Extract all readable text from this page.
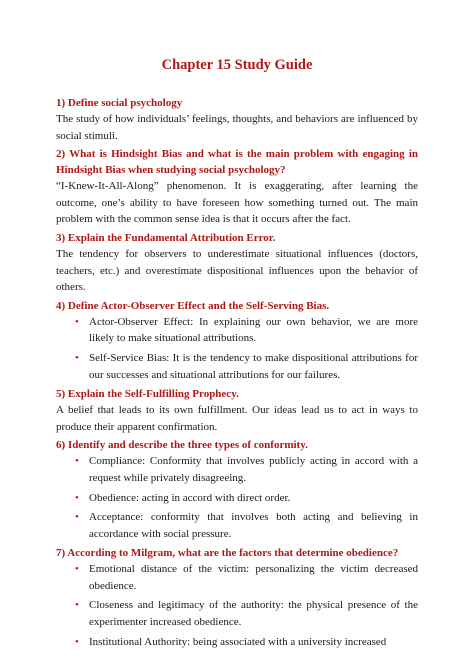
Chapter 15 Study Guide
1) Define social psychology
The study of how individuals’ feelings, thoughts, and behaviors are influenced by social stimuli.
2) What is Hindsight Bias and what is the main problem with engaging in Hindsight Bias when studying social psychology?
“I-Knew-It-All-Along” phenomenon. It is exaggerating, after learning the outcome, one’s ability to have foreseen how something turned out. The main problem with the common sense idea is that it occurs after the fact.
3) Explain the Fundamental Attribution Error.
The tendency for observers to underestimate situational influences (doctors, teachers, etc.) and overestimate dispositional influences upon the behavior of others.
4) Define Actor-Observer Effect and the Self-Serving Bias.
• Actor-Observer Effect: In explaining our own behavior, we are more likely to make situational attributions.
• Self-Service Bias: It is the tendency to make dispositional attributions for our successes and situational attributions for our failures.
5) Explain the Self-Fulfilling Prophecy.
A belief that leads to its own fulfillment. Our ideas lead us to act in ways to produce their apparent confirmation.
6) Identify and describe the three types of conformity.
• Compliance: Conformity that involves publicly acting in accord with a request while privately disagreeing.
• Obedience: acting in accord with direct order.
• Acceptance: conformity that involves both acting and believing in accordance with social pressure.
7) According to Milgram, what are the factors that determine obedience?
• Emotional distance of the victim: personalizing the victim decreased obedience.
• Closeness and legitimacy of the authority: the physical presence of the experimenter increased obedience.
• Institutional Authority: being associated with a university increased
